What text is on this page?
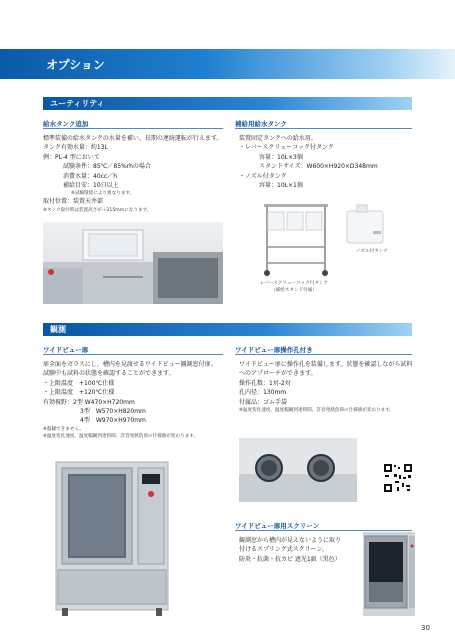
オプション
ユーティリティ
給水タンク追加
標準装備の給水タンクの水量を補い、長期の連続運転が行えます。
タンク有効水量：約13L
例：PL-4 型において
試験条件：85℃／85%rhの場合
消費水量：40cc／h
補給目安：10日以上
※試験環境により異なります。
取付位置：装置天井部
※タンク取付時は装置高さが＋215mmになります。
補給用給水タンク
装置固定タンクへの給水用。
・レバースクリューコック付タンク
容量：10L×3個
スタンドサイズ：W600×H920×D348mm
・ノズル付タンク
容量：10L×1個
ノズル付タンク
レバースクリューコック付タンク
（補給スタンド付属）
観測
ワイドビュー扉
扉全面をガラスにし、槽内を見渡せるワイドビュー観測窓付扉。
試験中も試料の状態を確認することができます。
・上限温度　+100℃仕様
・上限温度　+120℃仕様
有効視野：2型 W470×H720mm
3型　W570×H820mm
4型　W970×H970mm
※盤観できません。
※温度変化速度、温度幅観到達時間、許容発熱負荷の仕様値が変わります。
ワイドビュー扉操作孔付き
ワイドビュー扉に操作孔を装備します。状態を確認しながら試料
へのアプローチができます。
操作孔数：1対-2対
孔内径：130mm
付属品：ゴム手袋
※温度変化速度、温度幅観到達時間、許容発熱負荷の仕様値が変わります。
ワイドビュー扉用スクリーン
観測窓から槽内が見えないように取り
付けるスプリング式スクリーン。
防炎・抗菌・抗カビ 遮光1級（黒色）
30
